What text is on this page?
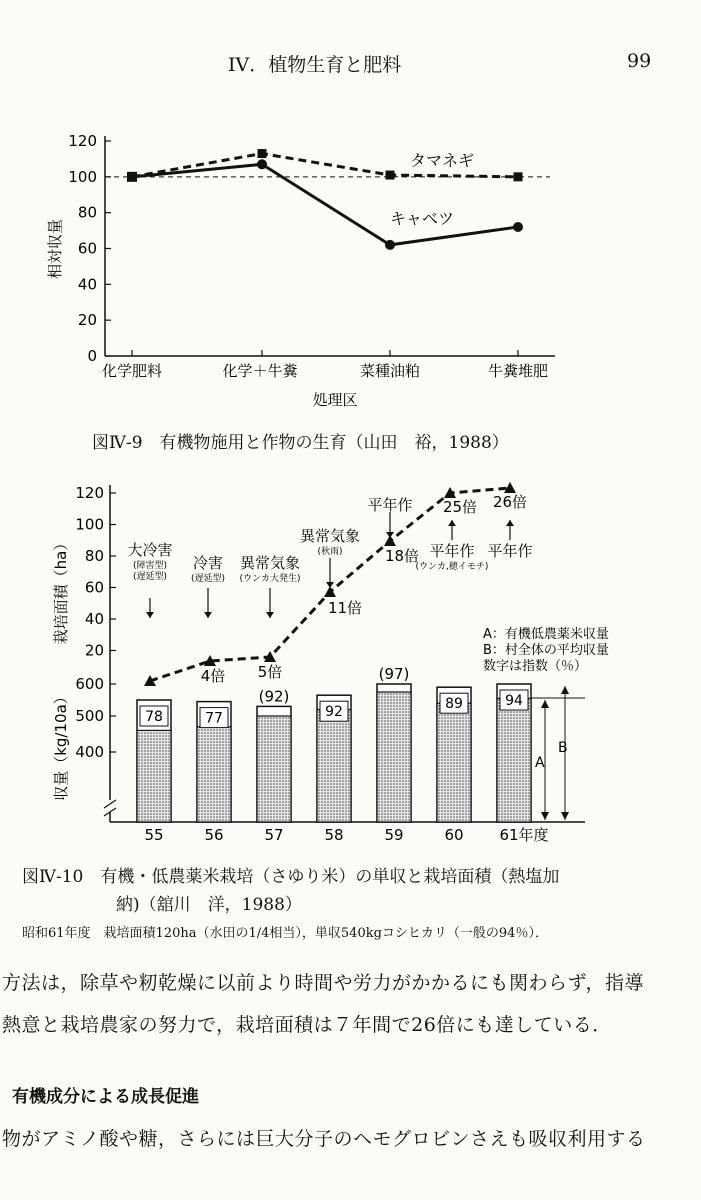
IV．植物生育と肥料	99
0
20
40
60
80
100
120
化学肥料	化学＋牛糞	菜種油粕	牛糞堆肥
処理区
相対収量
タマネギ
キャベツ
図Ⅳ-9　有機物施用と作物の生育（山田　裕，1988）
20
40
60
80
100
120
400
500
600
栽培面積（ha）
収量（kg/10a）	78
55
77
56
(92)
57
92
58
(97)
59
89
60
94
61年度
4倍 5倍
11倍
18倍
25倍 26倍
大冷害
(障害型)
(遅延型)
冷害
(遅延型)
異常気象
(ウンカ大発生)
異常気象
(秋雨)
平年作
平年作
(ウンカ,穂イモチ)
平年作
A：有機低農薬米収量
B：村全体の平均収量
数字は指数（％）
A
B
図Ⅳ-10　有機・低農薬米栽培（さゆり米）の単収と栽培面積（熱塩加
納)（舘川　洋，1988）
昭和61年度　栽培面積120ha（水田の1/4相当），単収540kgコシヒカリ（一般の94％）．
方法は，除草や籾乾燥に以前より時間や労力がかかるにも関わらず，指導
熱意と栽培農家の努力で，栽培面積は７年間で26倍にも達している．
有機成分による成長促進
物がアミノ酸や糖，さらには巨大分子のヘモグロビンさえも吸収利用する
